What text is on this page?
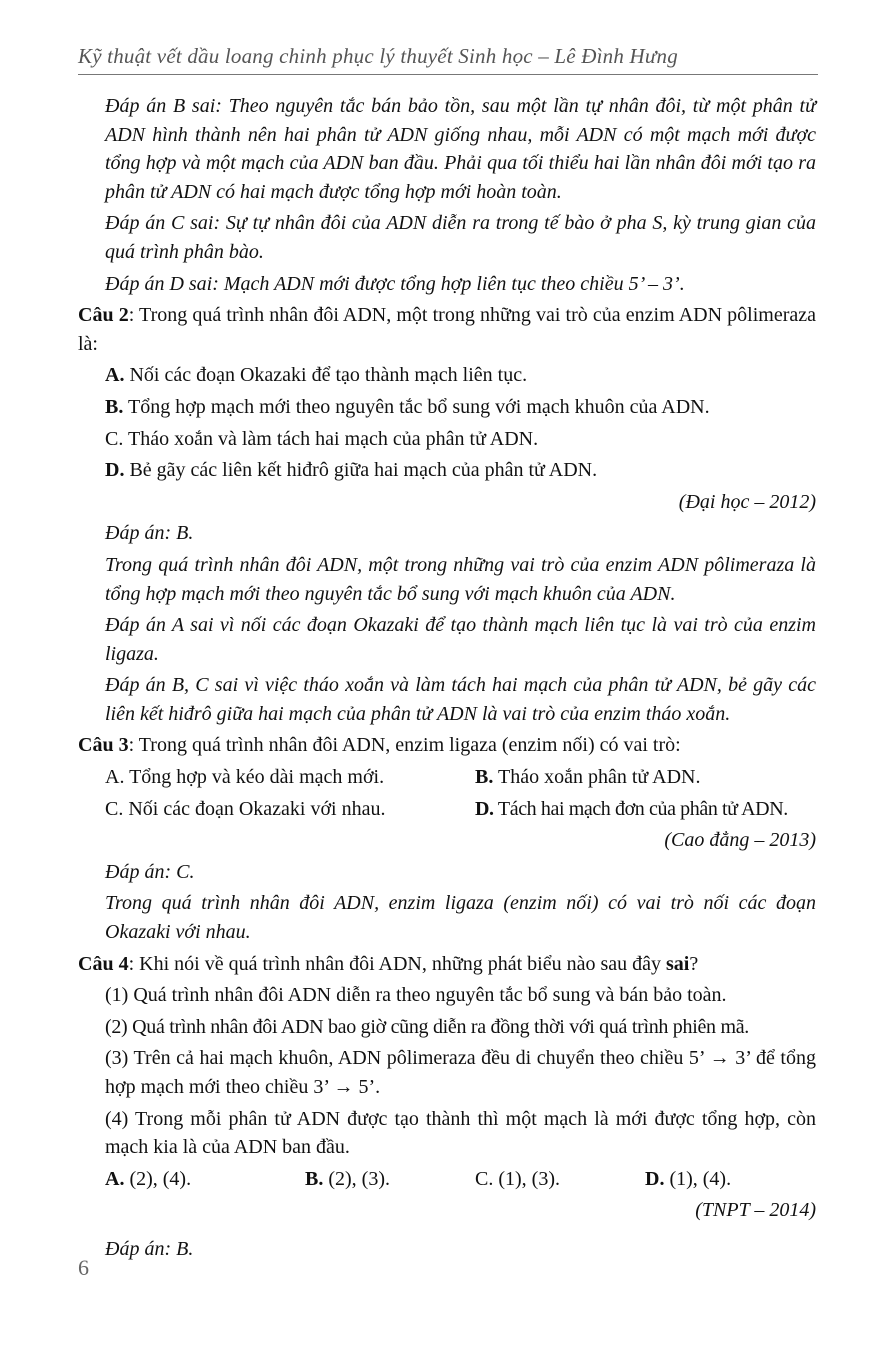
Kỹ thuật vết dầu loang chinh phục lý thuyết Sinh học – Lê Đình Hưng

Đáp án B sai: Theo nguyên tắc bán bảo tồn, sau một lần tự nhân đôi, từ một phân tử ADN hình thành nên hai phân tử ADN giống nhau, mỗi ADN có một mạch mới được tổng hợp và một mạch của ADN ban đầu. Phải qua tối thiểu hai lần nhân đôi mới tạo ra phân tử ADN có hai mạch được tổng hợp mới hoàn toàn.

Đáp án C sai: Sự tự nhân đôi của ADN diễn ra trong tế bào ở pha S, kỳ trung gian của quá trình phân bào.

Đáp án D sai: Mạch ADN mới được tổng hợp liên tục theo chiều 5’ – 3’.

Câu 2: Trong quá trình nhân đôi ADN, một trong những vai trò của enzim ADN pôlimeraza là:

A. Nối các đoạn Okazaki để tạo thành mạch liên tục.

B. Tổng hợp mạch mới theo nguyên tắc bổ sung với mạch khuôn của ADN.

C. Tháo xoắn và làm tách hai mạch của phân tử ADN.

D. Bẻ gãy các liên kết hiđrô giữa hai mạch của phân tử ADN.

(Đại học – 2012)

Đáp án: B.

Trong quá trình nhân đôi ADN, một trong những vai trò của enzim ADN pôlimeraza là tổng hợp mạch mới theo nguyên tắc bổ sung với mạch khuôn của ADN.

Đáp án A sai vì nối các đoạn Okazaki để tạo thành mạch liên tục là vai trò của enzim ligaza.

Đáp án B, C sai vì việc tháo xoắn và làm tách hai mạch của phân tử ADN, bẻ gãy các liên kết hiđrô giữa hai mạch của phân tử ADN là vai trò của enzim tháo xoắn.

Câu 3: Trong quá trình nhân đôi ADN, enzim ligaza (enzim nối) có vai trò:

A. Tổng hợp và kéo dài mạch mới.	B. Tháo xoắn phân tử ADN.
C. Nối các đoạn Okazaki với nhau.	D. Tách hai mạch đơn của phân tử ADN.

(Cao đẳng – 2013)

Đáp án: C.

Trong quá trình nhân đôi ADN, enzim ligaza (enzim nối) có vai trò nối các đoạn Okazaki với nhau.

Câu 4: Khi nói về quá trình nhân đôi ADN, những phát biểu nào sau đây sai?

(1) Quá trình nhân đôi ADN diễn ra theo nguyên tắc bổ sung và bán bảo toàn.

(2) Quá trình nhân đôi ADN bao giờ cũng diễn ra đồng thời với quá trình phiên mã.

(3) Trên cả hai mạch khuôn, ADN pôlimeraza đều di chuyển theo chiều 5’ → 3’ để tổng hợp mạch mới theo chiều 3’ → 5’.

(4) Trong mỗi phân tử ADN được tạo thành thì một mạch là mới được tổng hợp, còn mạch kia là của ADN ban đầu.

A. (2), (4).	B. (2), (3).	C. (1), (3).	D. (1), (4).

(TNPT – 2014)

Đáp án: B.

6
